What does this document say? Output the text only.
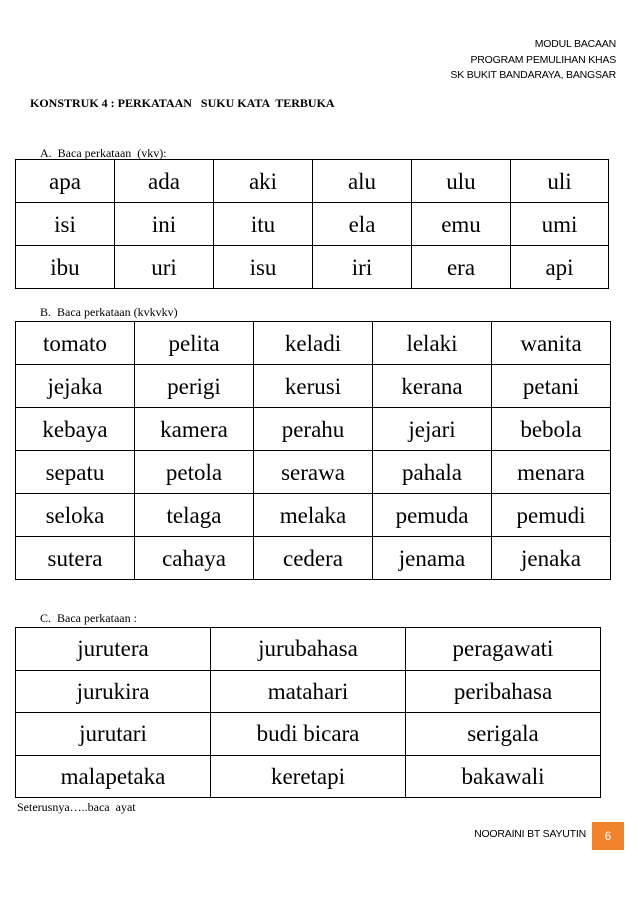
MODUL BACAAN
PROGRAM PEMULIHAN KHAS
SK BUKIT BANDARAYA, BANGSAR
KONSTRUK 4 : PERKATAAN   SUKU KATA  TERBUKA
A.  Baca perkataan  (vkv):
apa	ada	aki	alu	ulu	uli
isi	ini	itu	ela	emu	umi
ibu	uri	isu	iri	era	api
B.  Baca perkataan (kvkvkv)
tomato	pelita	keladi	lelaki	wanita
jejaka	perigi	kerusi	kerana	petani
kebaya	kamera	perahu	jejari	bebola
sepatu	petola	serawa	pahala	menara
seloka	telaga	melaka	pemuda	pemudi
sutera	cahaya	cedera	jenama	jenaka
C.  Baca perkataan :
jurutera	jurubahasa	peragawati
jurukira	matahari	peribahasa
jurutari	budi bicara	serigala
malapetaka	keretapi	bakawali
Seterusnya…..baca  ayat
NOORAINI BT SAYUTIN 6
